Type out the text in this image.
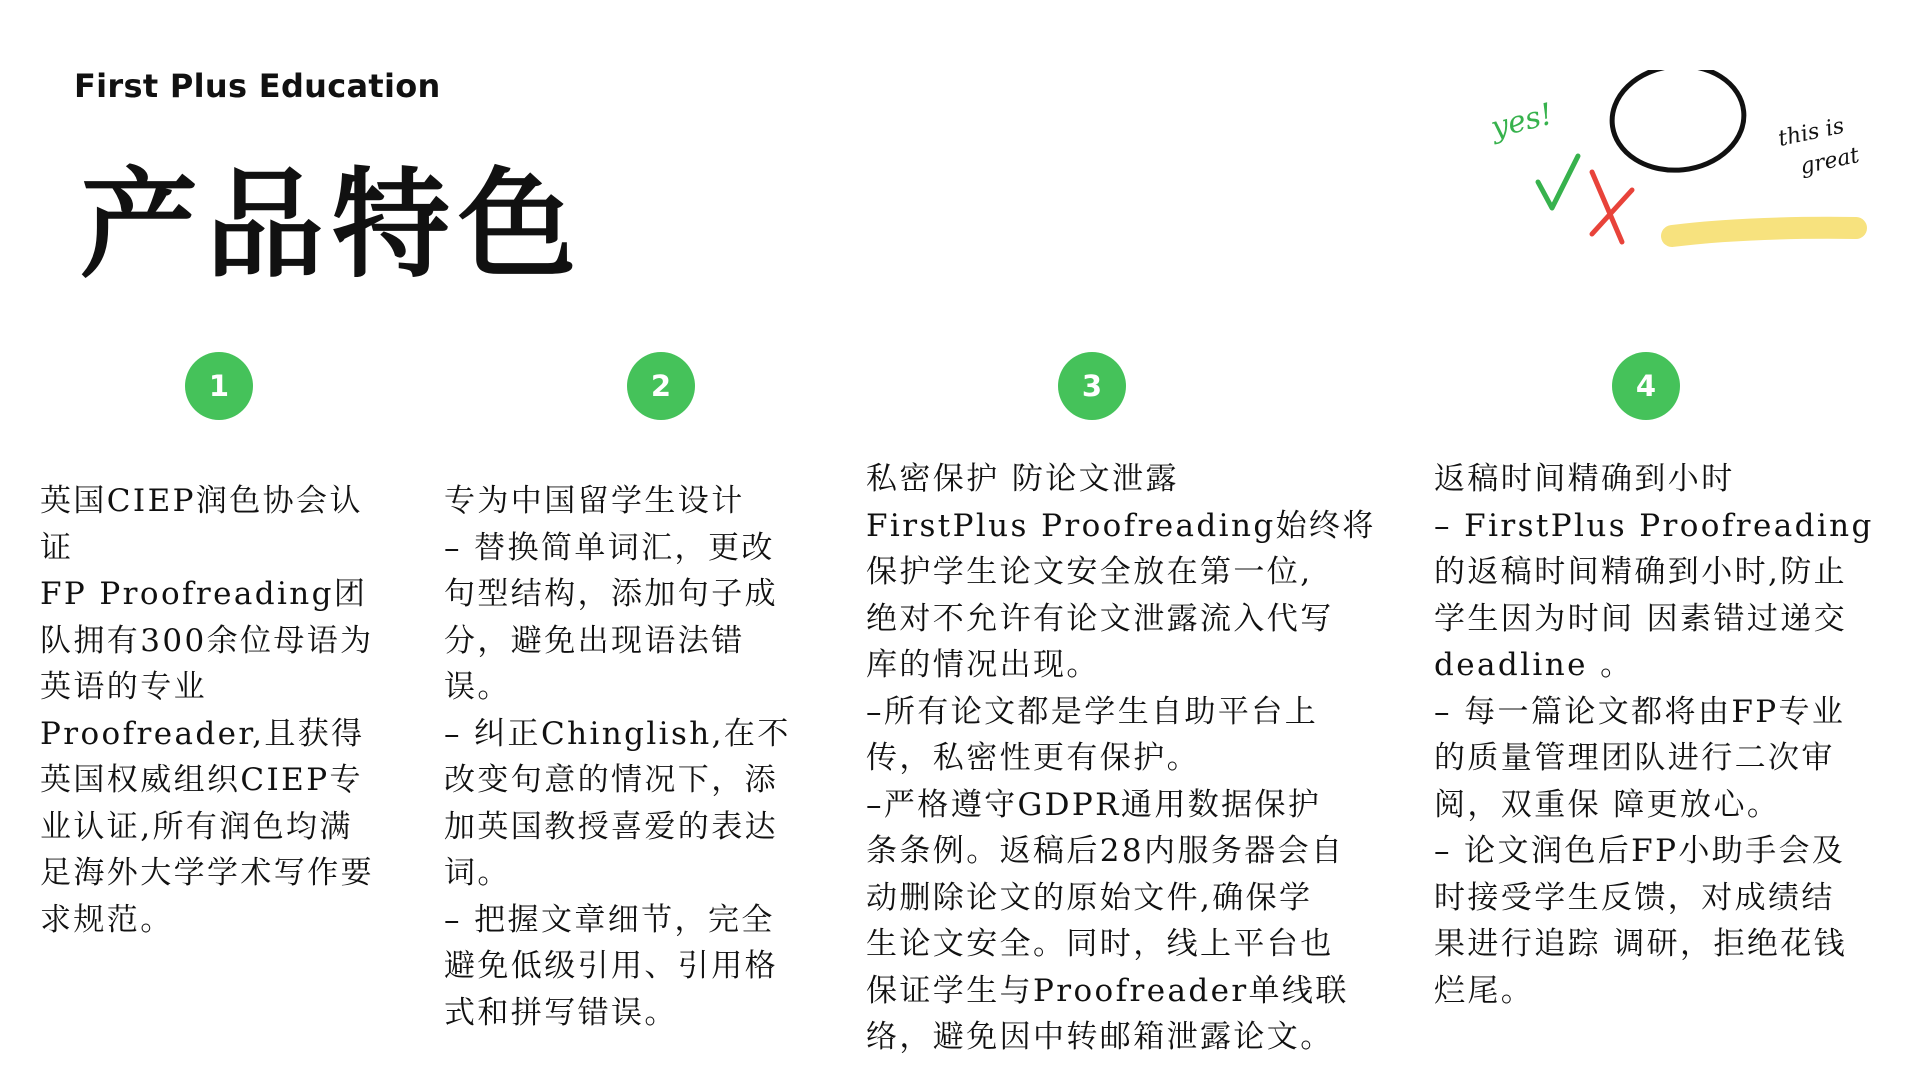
First Plus Education
产品特色
yes!	this is
great
1	2	3	4

英国CIEP润色协会认

证

FP Proofreading团

队拥有300余位母语为

英语的专业

Proofreader,且获得

英国权威组织CIEP专

业认证,所有润色均满

足海外大学学术写作要

求规范。

专为中国留学生设计

– 替换简单词汇，更改

句型结构，添加句子成

分，避免出现语法错

误。

– 纠正Chinglish,在不

改变句意的情况下，添

加英国教授喜爱的表达

词。

– 把握文章细节，完全

避免低级引用、引用格

式和拼写错误。

私密保护 防论文泄露

FirstPlus Proofreading始终将

保护学生论文安全放在第一位,

绝对不允许有论文泄露流入代写

库的情况出现。

–所有论文都是学生自助平台上

传，私密性更有保护。

–严格遵守GDPR通用数据保护

条条例。返稿后28内服务器会自

动删除论文的原始文件,确保学

生论文安全。同时，线上平台也

保证学生与Proofreader单线联

络，避免因中转邮箱泄露论文。

返稿时间精确到小时

– FirstPlus Proofreading

的返稿时间精确到小时,防止

学生因为时间 因素错过递交

deadline 。

– 每一篇论文都将由FP专业

的质量管理团队进行二次审

阅，双重保 障更放心。

– 论文润色后FP小助手会及

时接受学生反馈，对成绩结

果进行追踪 调研，拒绝花钱

烂尾。
